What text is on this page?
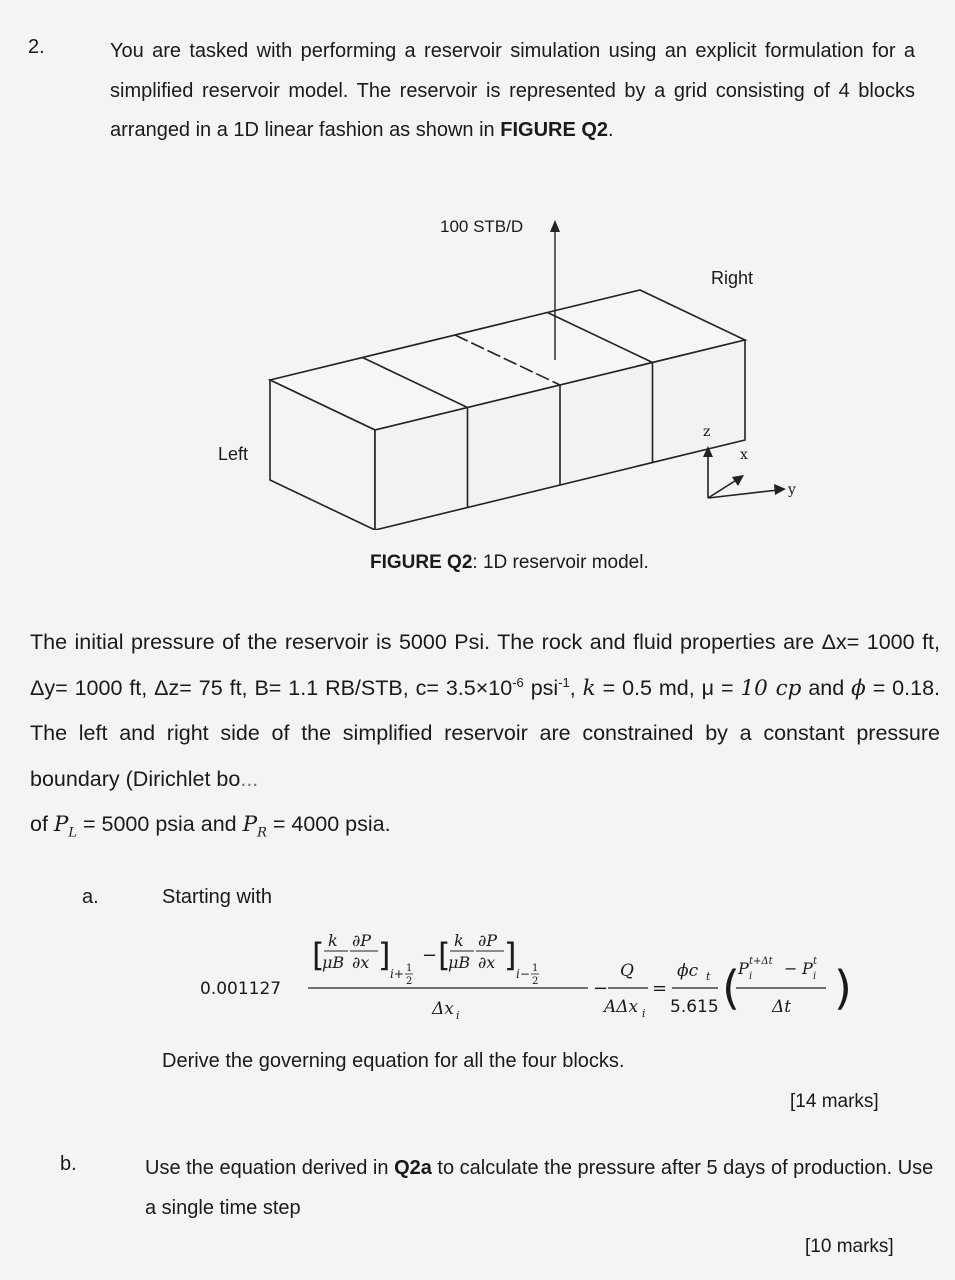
2.	You are tasked with performing a reservoir simulation using an explicit formulation for a simplified reservoir model. The reservoir is represented by a grid consisting of 4 blocks arranged in a 1D linear fashion as shown in FIGURE Q2.
100 STB/D
Right
Left
z
x
y
FIGURE Q2: 1D reservoir model.
The initial pressure of the reservoir is 5000 Psi. The rock and fluid properties are Δx= 1000 ft, Δy= 1000 ft, Δz= 75 ft, B= 1.1 RB/STB, $c= 3.5\times 10^{-6}$ psi$^{-1}$, k = 0.5 md, μ = 10 cp and ϕ = 0.18. The left and right side of the simplified reservoir are constrained by a constant pressure boundary (Dirichlet bo...
of $P_L = 5000$ psia and $P_R = 4000$ psia.
a.	Starting with
0.001127
[ k
μB
∂P
∂x ] i+ 1
2
− [ k
μB
∂P
∂x ] i− 1
2
Δx i
−
Q
AΔx i
=
ϕc t
5.615 (
P t+Δt
i − P t
i
Δt )
Derive the governing equation for all the four blocks.
[14 marks]
b.	Use the equation derived in Q2a to calculate the pressure after 5 days of production. Use a single time step
[10 marks]
